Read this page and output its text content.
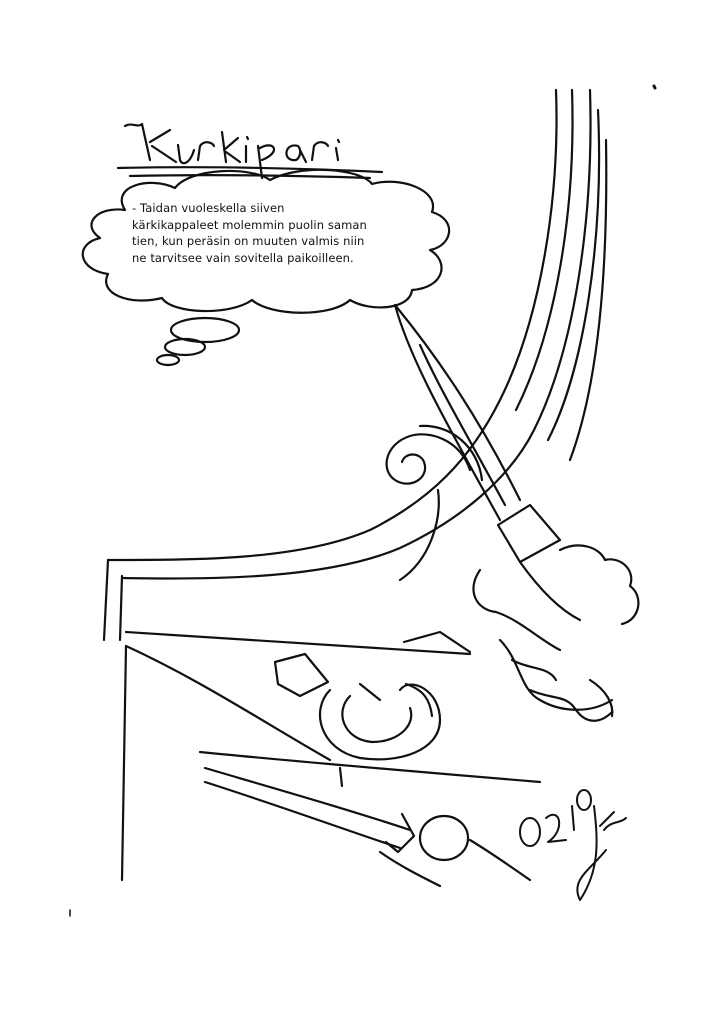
- Taidan vuoleskella siiven
kärkikappaleet molemmin puolin saman
tien, kun peräsin on muuten valmis niin
ne tarvitsee vain sovitella paikoilleen.
